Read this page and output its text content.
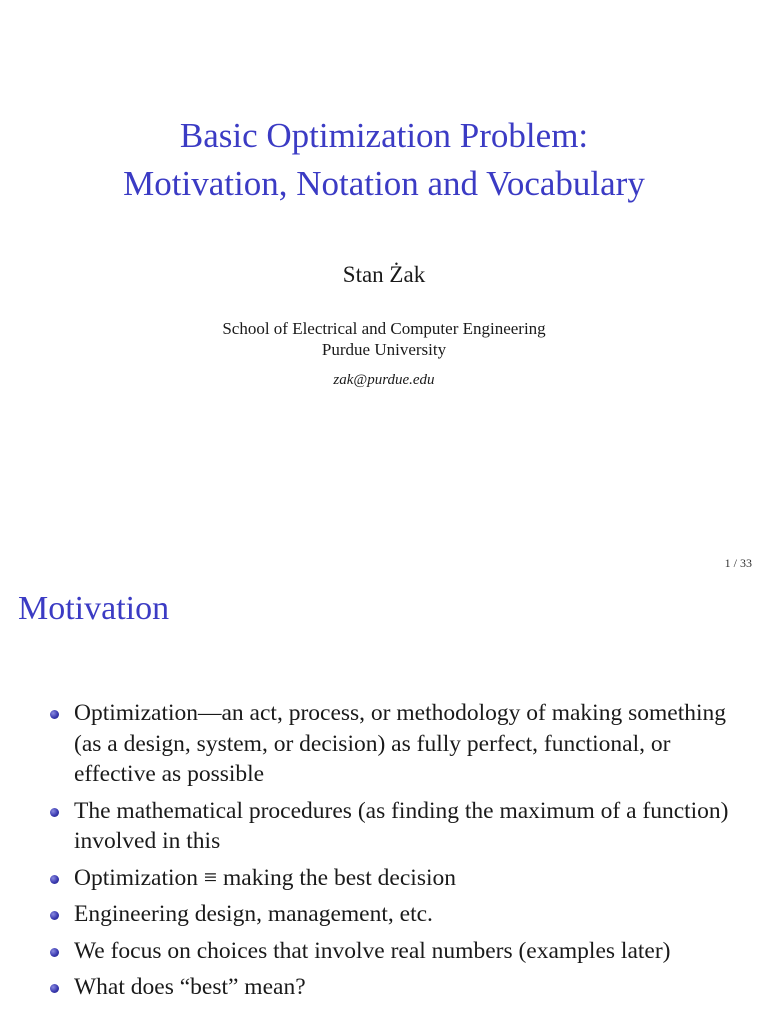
Basic Optimization Problem:
Motivation, Notation and Vocabulary
Stan Żak
School of Electrical and Computer Engineering
Purdue University
zak@purdue.edu
1 / 33
Motivation
Optimization—an act, process, or methodology of making something (as a design, system, or decision) as fully perfect, functional, or effective as possible
The mathematical procedures (as finding the maximum of a function) involved in this
Optimization ≡ making the best decision
Engineering design, management, etc.
We focus on choices that involve real numbers (examples later)
What does “best” mean?
